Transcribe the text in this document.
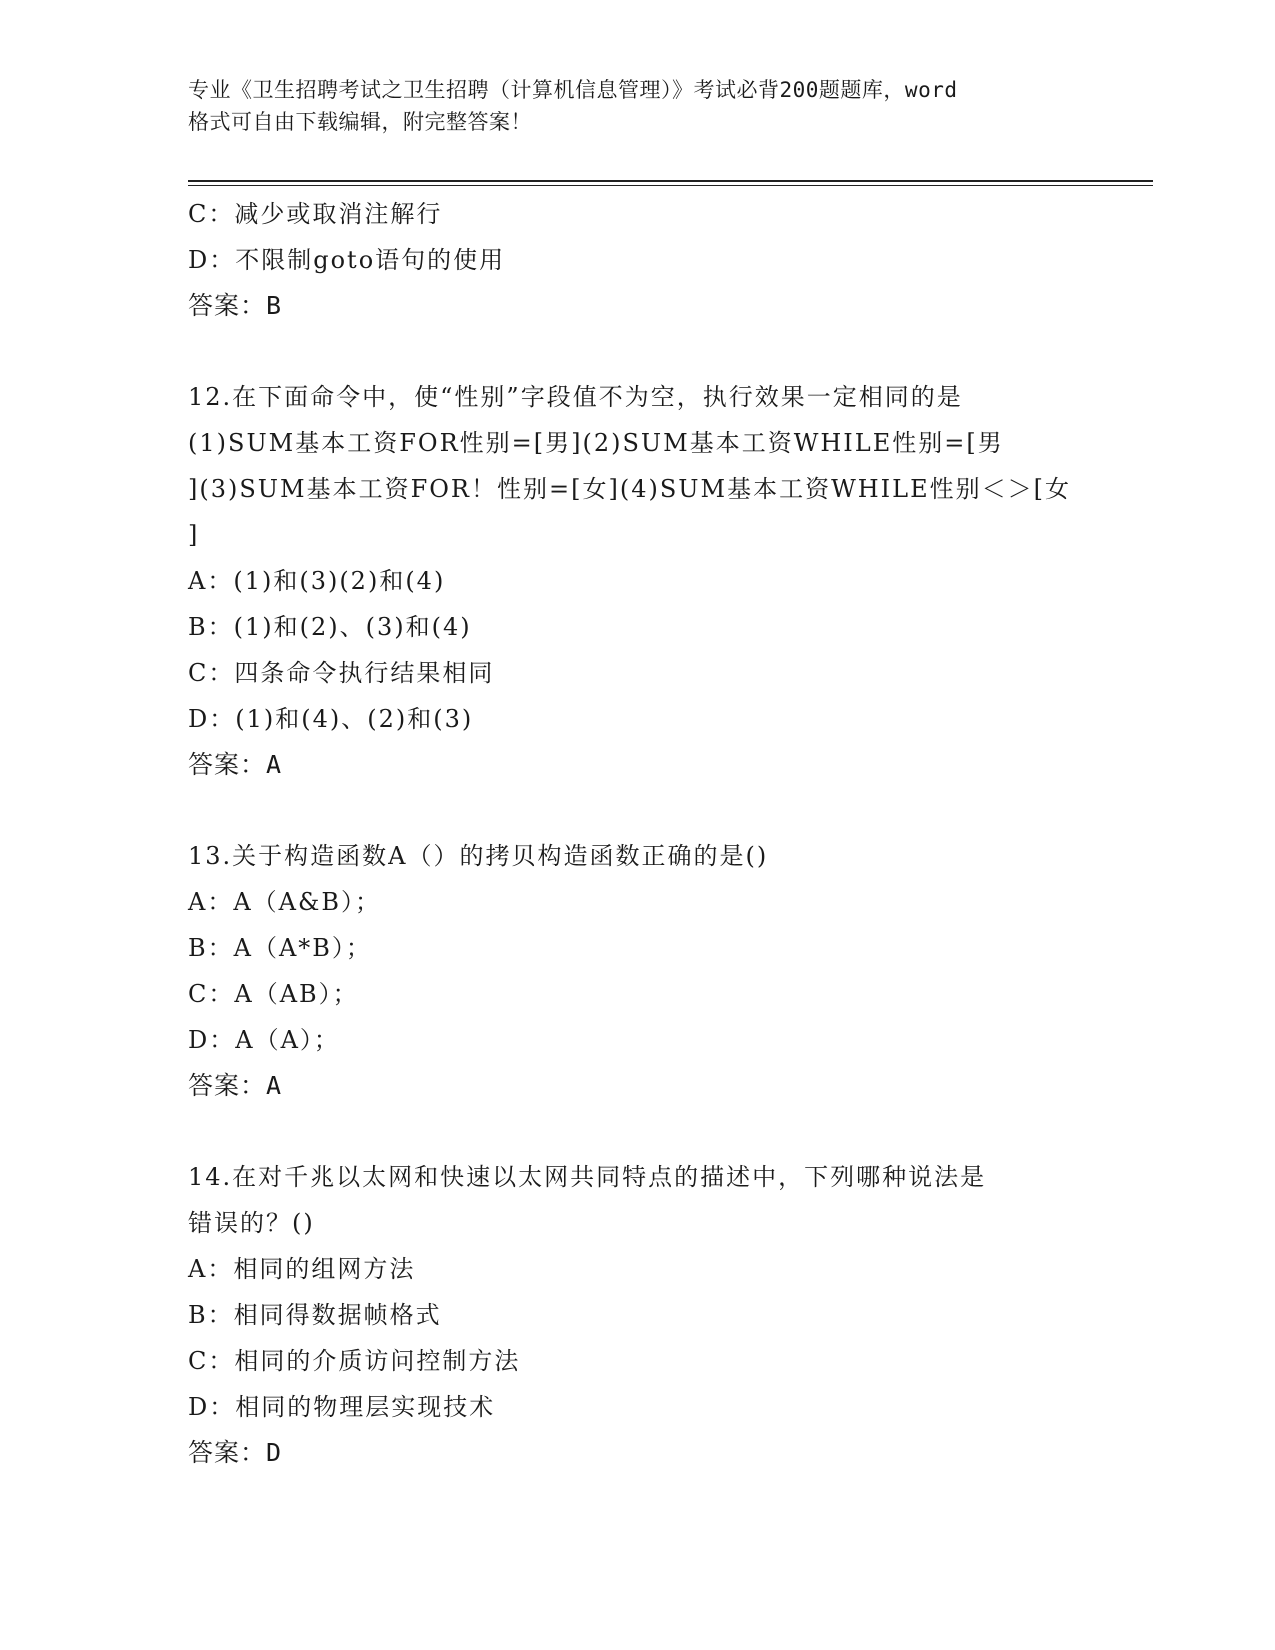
专业《卫生招聘考试之卫生招聘（计算机信息管理）》考试必背200题题库，word
格式可自由下载编辑，附完整答案！
C：减少或取消注解行
D：不限制goto语句的使用
答案：B
12.在下面命令中，使“性别”字段值不为空，执行效果一定相同的是
(1)SUM基本工资FOR性别=[男](2)SUM基本工资WHILE性别=[男
](3)SUM基本工资FOR！性别=[女](4)SUM基本工资WHILE性别＜＞[女
]
A：(1)和(3)(2)和(4)
B：(1)和(2)、(3)和(4)
C：四条命令执行结果相同
D：(1)和(4)、(2)和(3)
答案：A
13.关于构造函数A（）的拷贝构造函数正确的是()
A：A（A&B）；
B：A（A*B）；
C：A（AB）；
D：A（A）；
答案：A
14.在对千兆以太网和快速以太网共同特点的描述中，下列哪种说法是
错误的？()
A：相同的组网方法
B：相同得数据帧格式
C：相同的介质访问控制方法
D：相同的物理层实现技术
答案：D
